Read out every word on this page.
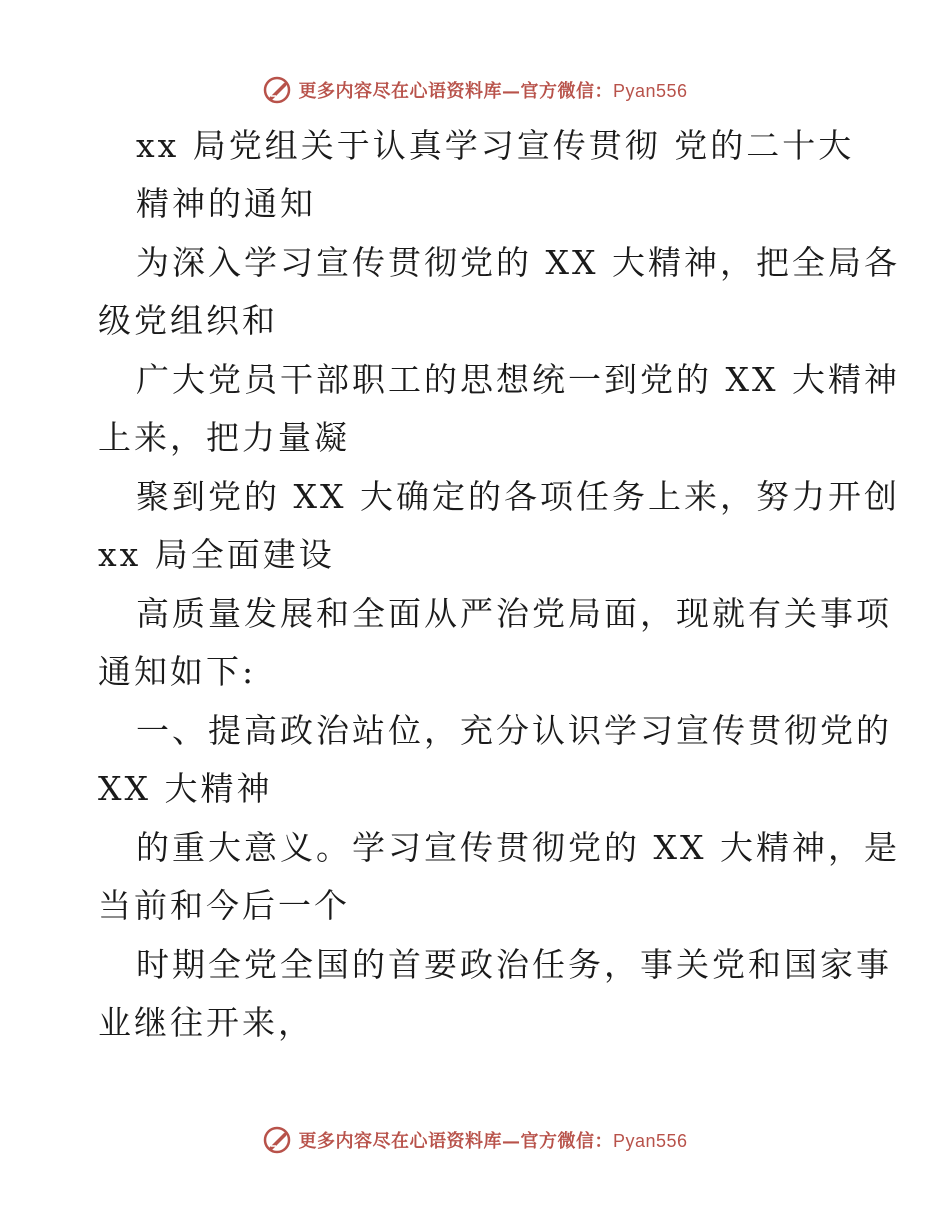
更多内容尽在心语资料库—官方微信：Pyan556
xx 局党组关于认真学习宣传贯彻 党的二十大
精神的通知
为深入学习宣传贯彻党的 XX 大精神，把全局各
级党组织和
广大党员干部职工的思想统一到党的 XX 大精神
上来，把力量凝
聚到党的 XX 大确定的各项任务上来，努力开创
xx 局全面建设
高质量发展和全面从严治党局面，现就有关事项
通知如下:
一、提高政治站位，充分认识学习宣传贯彻党的
XX 大精神
的重大意义。学习宣传贯彻党的 XX 大精神，是
当前和今后一个
时期全党全国的首要政治任务，事关党和国家事
业继往开来，
更多内容尽在心语资料库—官方微信：Pyan556
